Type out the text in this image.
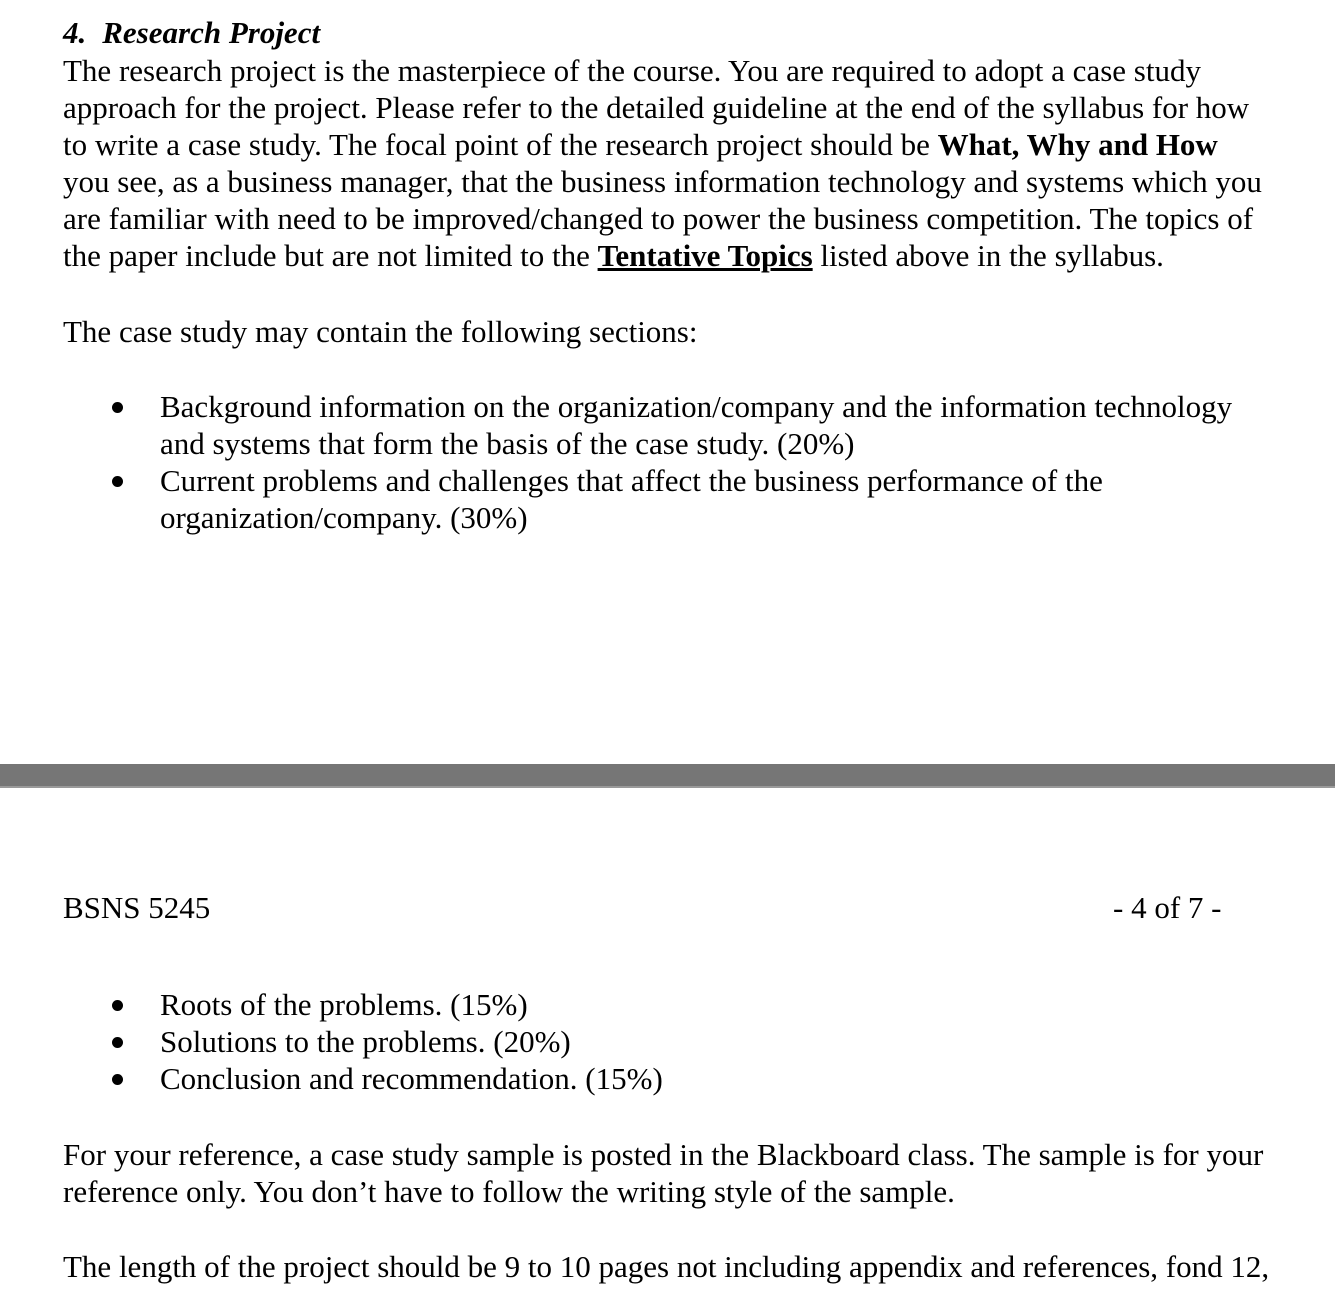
4. Research Project

The research project is the masterpiece of the course. You are required to adopt a case study
approach for the project. Please refer to the detailed guideline at the end of the syllabus for how
to write a case study. The focal point of the research project should be What, Why and How
you see, as a business manager, that the business information technology and systems which you
are familiar with need to be improved/changed to power the business competition. The topics of
the paper include but are not limited to the Tentative Topics listed above in the syllabus.

The case study may contain the following sections:

Background information on the organization/company and the information technology
and systems that form the basis of the case study. (20%)
Current problems and challenges that affect the business performance of the
organization/company. (30%)
BSNS 5245	- 4 of 7 -
Roots of the problems. (15%)
Solutions to the problems. (20%)
Conclusion and recommendation. (15%)

For your reference, a case study sample is posted in the Blackboard class. The sample is for your
reference only. You don’t have to follow the writing style of the sample.

The length of the project should be 9 to 10 pages not including appendix and references, fond 12,
